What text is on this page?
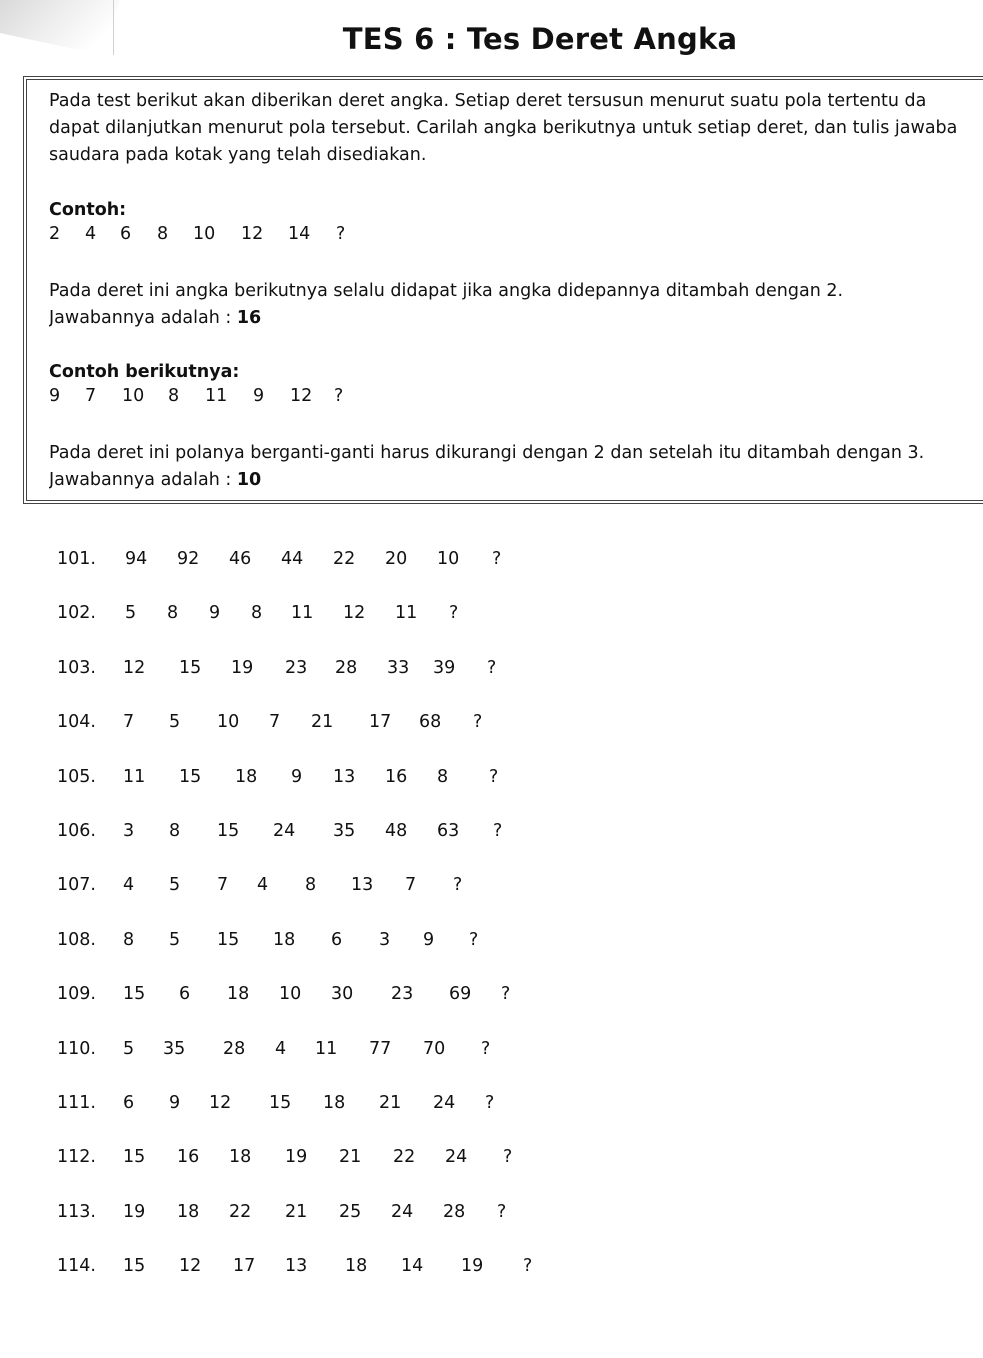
TES 6 : Tes Deret Angka
Pada test berikut akan diberikan deret angka. Setiap deret tersusun menurut suatu pola tertentu da
dapat dilanjutkan menurut pola tersebut. Carilah angka berikutnya untuk setiap deret, dan tulis jawaba
saudara pada kotak yang telah disediakan.
Contoh:
2 4 6 8 10 12 14 ?
Pada deret ini angka berikutnya selalu didapat jika angka didepannya ditambah dengan 2.
Jawabannya adalah : 16
Contoh berikutnya:
9 7 10 8 11 9 12 ?
Pada deret ini polanya berganti-ganti harus dikurangi dengan 2 dan setelah itu ditambah dengan 3.
Jawabannya adalah : 10
101. 94 92 46 44 22 20 10 ?
102. 5 8 9 8 11 12 11 ?
103. 12 15 19 23 28 33 39 ?
104. 7 5 10 7 21 17 68 ?
105. 11 15 18 9 13 16 8 ?
106. 3 8 15 24 35 48 63 ?
107. 4 5 7 4 8 13 7 ?
108. 8 5 15 18 6 3 9 ?
109. 15 6 18 10 30 23 69 ?
110. 5 35 28 4 11 77 70 ?
111. 6 9 12 15 18 21 24 ?
112. 15 16 18 19 21 22 24 ?
113. 19 18 22 21 25 24 28 ?
114. 15 12 17 13 18 14 19 ?
